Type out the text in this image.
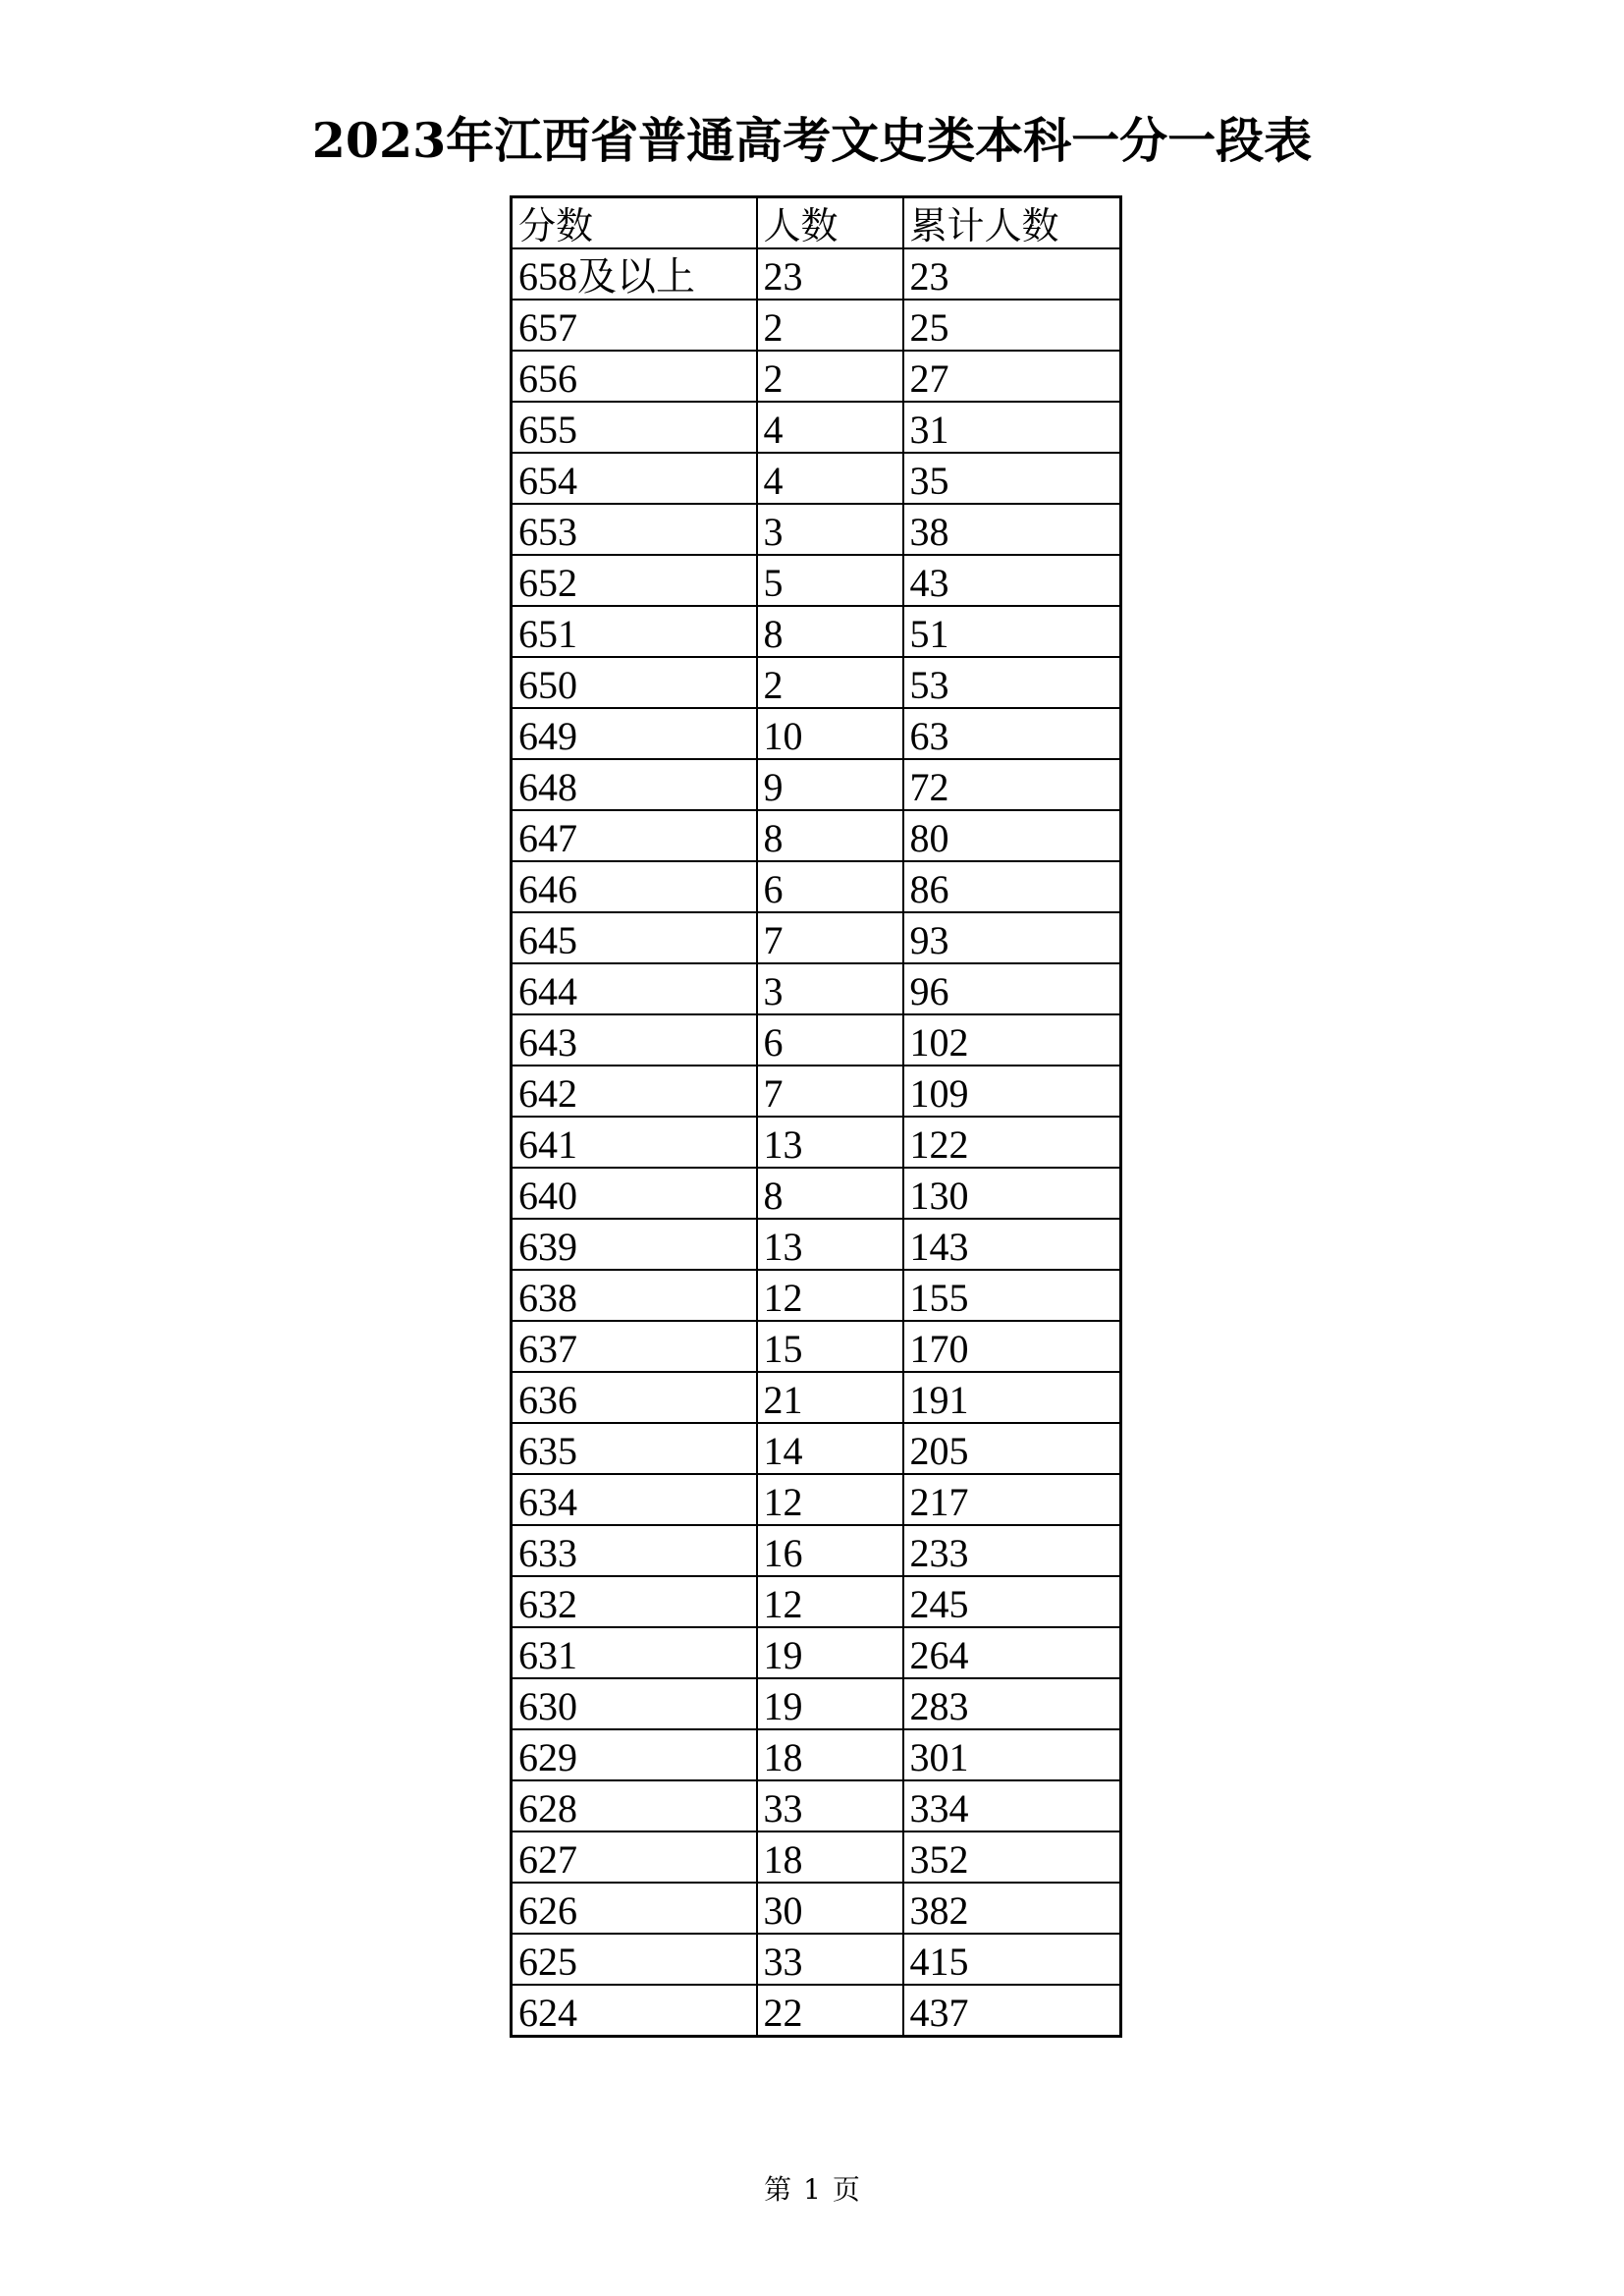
2023年江西省普通高考文史类本科一分一段表
分数	人数	累计人数
658及以上	23	23
657	2	25
656	2	27
655	4	31
654	4	35
653	3	38
652	5	43
651	8	51
650	2	53
649	10	63
648	9	72
647	8	80
646	6	86
645	7	93
644	3	96
643	6	102
642	7	109
641	13	122
640	8	130
639	13	143
638	12	155
637	15	170
636	21	191
635	14	205
634	12	217
633	16	233
632	12	245
631	19	264
630	19	283
629	18	301
628	33	334
627	18	352
626	30	382
625	33	415
624	22	437
第 1 页
